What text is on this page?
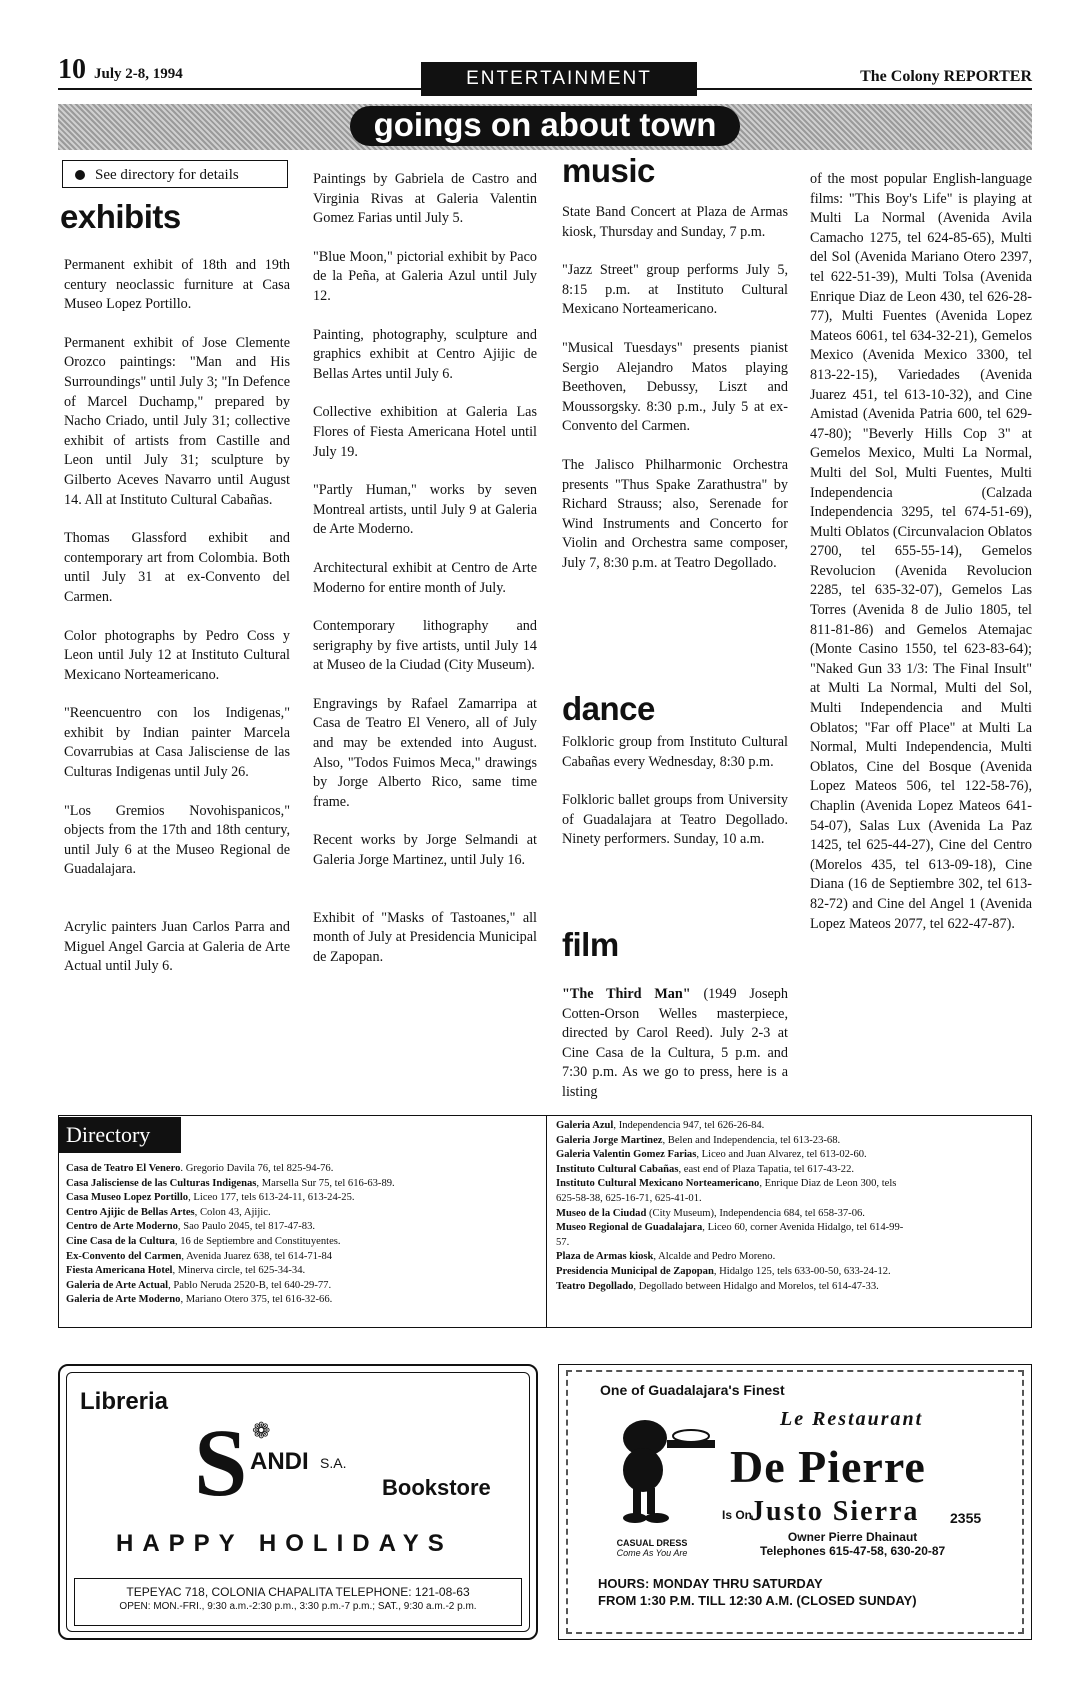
10 July 2-8, 1994	ENTERTAINMENT	The Colony REPORTER
goings on about town
See directory for details
exhibits
music
dance
film

Permanent exhibit of 18th and 19th century neoclassic furniture at Casa Museo Lopez Portillo.

Permanent exhibit of Jose Clemente Orozco paintings: "Man and His Surroundings" until July 3; "In Defence of Marcel Duchamp," prepared by Nacho Criado, until July 31; collective exhibit of artists from Castille and Leon until July 31; sculpture by Gilberto Aceves Navarro until August 14. All at Instituto Cultural Cabañas.

Thomas Glassford exhibit and contemporary art from Colombia. Both until July 31 at ex-Convento del Carmen.

Color photographs by Pedro Coss y Leon until July 12 at Instituto Cultural Mexicano Norteamericano.

"Reencuentro con los Indigenas," exhibit by Indian painter Marcela Covarrubias at Casa Jalisciense de las Culturas Indigenas until July 26.

"Los Gremios Novohispanicos," objects from the 17th and 18th century, until July 6 at the Museo Regional de Guadalajara.

Acrylic painters Juan Carlos Parra and Miguel Angel Garcia at Galeria de Arte Actual until July 6.

Paintings by Gabriela de Castro and Virginia Rivas at Galeria Valentin Gomez Farias until July 5.

"Blue Moon," pictorial exhibit by Paco de la Peña, at Galeria Azul until July 12.

Painting, photography, sculpture and graphics exhibit at Centro Ajijic de Bellas Artes until July 6.

Collective exhibition at Galeria Las Flores of Fiesta Americana Hotel until July 19.

"Partly Human," works by seven Montreal artists, until July 9 at Galeria de Arte Moderno.

Architectural exhibit at Centro de Arte Moderno for entire month of July.

Contemporary lithography and serigraphy by five artists, until July 14 at Museo de la Ciudad (City Museum).

Engravings by Rafael Zamarripa at Casa de Teatro El Venero, all of July and may be extended into August. Also, "Todos Fuimos Meca," drawings by Jorge Alberto Rico, same time frame.

Recent works by Jorge Selmandi at Galeria Jorge Martinez, until July 16.

Exhibit of "Masks of Tastoanes," all month of July at Presidencia Municipal de Zapopan.

State Band Concert at Plaza de Armas kiosk, Thursday and Sunday, 7 p.m.

"Jazz Street" group performs July 5, 8:15 p.m. at Instituto Cultural Mexicano Norteamericano.

"Musical Tuesdays" presents pianist Sergio Alejandro Matos playing Beethoven, Debussy, Liszt and Moussorgsky. 8:30 p.m., July 5 at ex-Convento del Carmen.

The Jalisco Philharmonic Orchestra presents "Thus Spake Zarathustra" by Richard Strauss; also, Serenade for Wind Instruments and Concerto for Violin and Orchestra same composer, July 7, 8:30 p.m. at Teatro Degollado.

Folkloric group from Instituto Cultural Cabañas every Wednesday, 8:30 p.m.

Folkloric ballet groups from University of Guadalajara at Teatro Degollado. Ninety performers. Sunday, 10 a.m.

"The Third Man" (1949 Joseph Cotten-Orson Welles masterpiece, directed by Carol Reed). July 2-3 at Cine Casa de la Cultura, 5 p.m. and 7:30 p.m. As we go to press, here is a listing

of the most popular English-language films: "This Boy's Life" is playing at Multi La Normal (Avenida Avila Camacho 1275, tel 624-85-65), Multi del Sol (Avenida Mariano Otero 2397, tel 622-51-39), Multi Tolsa (Avenida Enrique Diaz de Leon 430, tel 626-28-77), Multi Fuentes (Avenida Lopez Mateos 6061, tel 634-32-21), Gemelos Mexico (Avenida Mexico 3300, tel 813-22-15), Variedades (Avenida Juarez 451, tel 613-10-32), and Cine Amistad (Avenida Patria 600, tel 629-47-80); "Beverly Hills Cop 3" at Gemelos Mexico, Multi La Normal, Multi del Sol, Multi Fuentes, Multi Independencia (Calzada Independencia 3295, tel 674-51-69), Multi Oblatos (Circunvalacion Oblatos 2700, tel 655-55-14), Gemelos Revolucion (Avenida Revolucion 2285, tel 635-32-07), Gemelos Las Torres (Avenida 8 de Julio 1805, tel 811-81-86) and Gemelos Atemajac (Monte Casino 1550, tel 623-83-64); "Naked Gun 33 1/3: The Final Insult" at Multi La Normal, Multi del Sol, Multi Independencia and Multi Oblatos; "Far off Place" at Multi La Normal, Multi Independencia, Multi Oblatos, Cine del Bosque (Avenida Lopez Mateos 506, tel 122-58-76), Chaplin (Avenida Lopez Mateos 641-54-07), Salas Lux (Avenida La Paz 1425, tel 625-44-27), Cine del Centro (Morelos 435, tel 613-09-18), Cine Diana (16 de Septiembre 302, tel 613-82-72) and Cine del Angel 1 (Avenida Lopez Mateos 2077, tel 622-47-87).

Directory
Casa de Teatro El Venero. Gregorio Davila 76, tel 825-94-76.
Casa Jalisciense de las Culturas Indigenas, Marsella Sur 75, tel 616-63-89.
Casa Museo Lopez Portillo, Liceo 177, tels 613-24-11, 613-24-25.
Centro Ajijic de Bellas Artes, Colon 43, Ajijic.
Centro de Arte Moderno, Sao Paulo 2045, tel 817-47-83.
Cine Casa de la Cultura, 16 de Septiembre and Constituyentes.
Ex-Convento del Carmen, Avenida Juarez 638, tel 614-71-84
Fiesta Americana Hotel, Minerva circle, tel 625-34-34.
Galeria de Arte Actual, Pablo Neruda 2520-B, tel 640-29-77.
Galeria de Arte Moderno, Mariano Otero 375, tel 616-32-66.
Galeria Azul, Independencia 947, tel 626-26-84.
Galeria Jorge Martinez, Belen and Independencia, tel 613-23-68.
Galeria Valentin Gomez Farias, Liceo and Juan Alvarez, tel 613-02-60.
Instituto Cultural Cabañas, east end of Plaza Tapatia, tel 617-43-22.
Instituto Cultural Mexicano Norteamericano, Enrique Diaz de Leon 300, tels
625-58-38, 625-16-71, 625-41-01.
Museo de la Ciudad (City Museum), Independencia 684, tel 658-37-06.
Museo Regional de Guadalajara, Liceo 60, corner Avenida Hidalgo, tel 614-99-
57.
Plaza de Armas kiosk, Alcalde and Pedro Moreno.
Presidencia Municipal de Zapopan, Hidalgo 125, tels 633-00-50, 633-24-12.
Teatro Degollado, Degollado between Hidalgo and Morelos, tel 614-47-33.
Libreria
❁
S ANDI S.A.
Bookstore
HAPPY HOLIDAYS
TEPEYAC 718, COLONIA CHAPALITA TELEPHONE: 121-08-63
OPEN: MON.-FRI., 9:30 a.m.-2:30 p.m., 3:30 p.m.-7 p.m.; SAT., 9:30 a.m.-2 p.m.
One of Guadalajara's Finest
Le Restaurant
De Pierre
Is On
Justo Sierra 2355
CASUAL DRESS
Come As You Are
Owner Pierre Dhainaut
Telephones 615-47-58, 630-20-87
HOURS: MONDAY THRU SATURDAY
FROM 1:30 P.M. TILL 12:30 A.M. (CLOSED SUNDAY)
